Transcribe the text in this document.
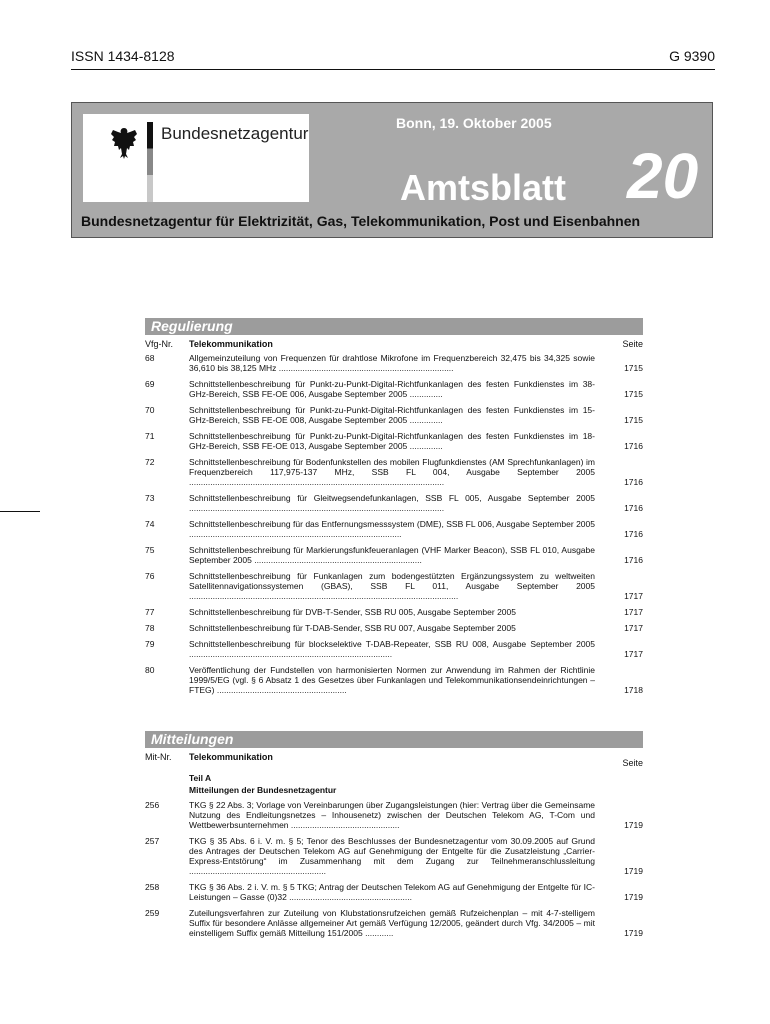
ISSN 1434-8128	G 9390
Bundesnetzagentur
Bonn, 19. Oktober 2005
Amtsblatt 20
Bundesnetzagentur für Elektrizität, Gas, Telekommunikation, Post und Eisenbahnen
Regulierung
Vfg-Nr. Telekommunikation	Seite
68	Allgemeinzuteilung von Frequenzen für drahtlose Mikrofone im Frequenzbereich 32,475 bis 34,325 sowie 36,610 bis 38,125 MHz ..........................................................................	1715
69	Schnittstellenbeschreibung für Punkt-zu-Punkt-Digital-Richtfunkanlagen des festen Funkdienstes im 38-GHz-Bereich, SSB FE-OE 006, Ausgabe September 2005 ..............	1715
70	Schnittstellenbeschreibung für Punkt-zu-Punkt-Digital-Richtfunkanlagen des festen Funkdienstes im 15-GHz-Bereich, SSB FE-OE 008, Ausgabe September 2005 ..............	1715
71	Schnittstellenbeschreibung für Punkt-zu-Punkt-Digital-Richtfunkanlagen des festen Funkdienstes im 18-GHz-Bereich, SSB FE-OE 013, Ausgabe September 2005 ..............	1716
72	Schnittstellenbeschreibung für Bodenfunkstellen des mobilen Flugfunkdienstes (AM Sprechfunkanlagen) im Frequenzbereich 117,975-137 MHz, SSB FL 004, Ausgabe September 2005 ............................................................................................................	1716
73	Schnittstellenbeschreibung für Gleitwegsendefunkanlagen, SSB FL 005, Ausgabe September 2005 ............................................................................................................	1716
74	Schnittstellenbeschreibung für das Entfernungsmesssystem (DME), SSB FL 006, Ausgabe September 2005 ..........................................................................................	1716
75	Schnittstellenbeschreibung für Markierungsfunkfeueranlagen (VHF Marker Beacon), SSB FL 010, Ausgabe September 2005 .......................................................................	1716
76	Schnittstellenbeschreibung für Funkanlagen zum bodengestützten Ergänzungssystem zu weltweiten Satellitennavigationssystemen (GBAS), SSB FL 011, Ausgabe September 2005 ..................................................................................................................	1717
77	Schnittstellenbeschreibung für DVB-T-Sender, SSB RU 005, Ausgabe September 2005	1717
78	Schnittstellenbeschreibung für T-DAB-Sender, SSB RU 007, Ausgabe September 2005	1717
79	Schnittstellenbeschreibung für blockselektive T-DAB-Repeater, SSB RU 008, Ausgabe September 2005 ......................................................................................	1717
80	Veröffentlichung der Fundstellen von harmonisierten Normen zur Anwendung im Rahmen der Richtlinie 1999/5/EG (vgl. § 6 Absatz 1 des Gesetzes über Funkanlagen und Telekommunikationsendeinrichtungen – FTEG) .......................................................	1718
Mitteilungen
Mit-Nr. Telekommunikation
Seite
Teil A
Mitteilungen der Bundesnetzagentur
256	TKG § 22 Abs. 3; Vorlage von Vereinbarungen über Zugangsleistungen (hier: Vertrag über die Gemeinsame Nutzung des Endleitungsnetzes – Inhousenetz) zwischen der Deutschen Telekom AG, T-Com und Wettbewerbsunternehmen ..............................................	1719
257	TKG § 35 Abs. 6 i. V. m. § 5; Tenor des Beschlusses der Bundesnetzagentur vom 30.09.2005 auf Grund des Antrages der Deutschen Telekom AG auf Genehmigung der Entgelte für die Zusatzleistung „Carrier-Express-Entstörung“ im Zusammenhang mit dem Zugang zur Teilnehmeranschlussleitung ..........................................................	1719
258	TKG § 36 Abs. 2 i. V. m. § 5 TKG; Antrag der Deutschen Telekom AG auf Genehmigung der Entgelte für IC-Leistungen – Gasse (0)32 ....................................................	1719
259	Zuteilungsverfahren zur Zuteilung von Klubstationsrufzeichen gemäß Rufzeichenplan – mit 4-7-stelligem Suffix für besondere Anlässe allgemeiner Art gemäß Verfügung 12/2005, geändert durch Vfg. 34/2005 – mit einstelligem Suffix gemäß Mitteilung 151/2005 ............	1719
